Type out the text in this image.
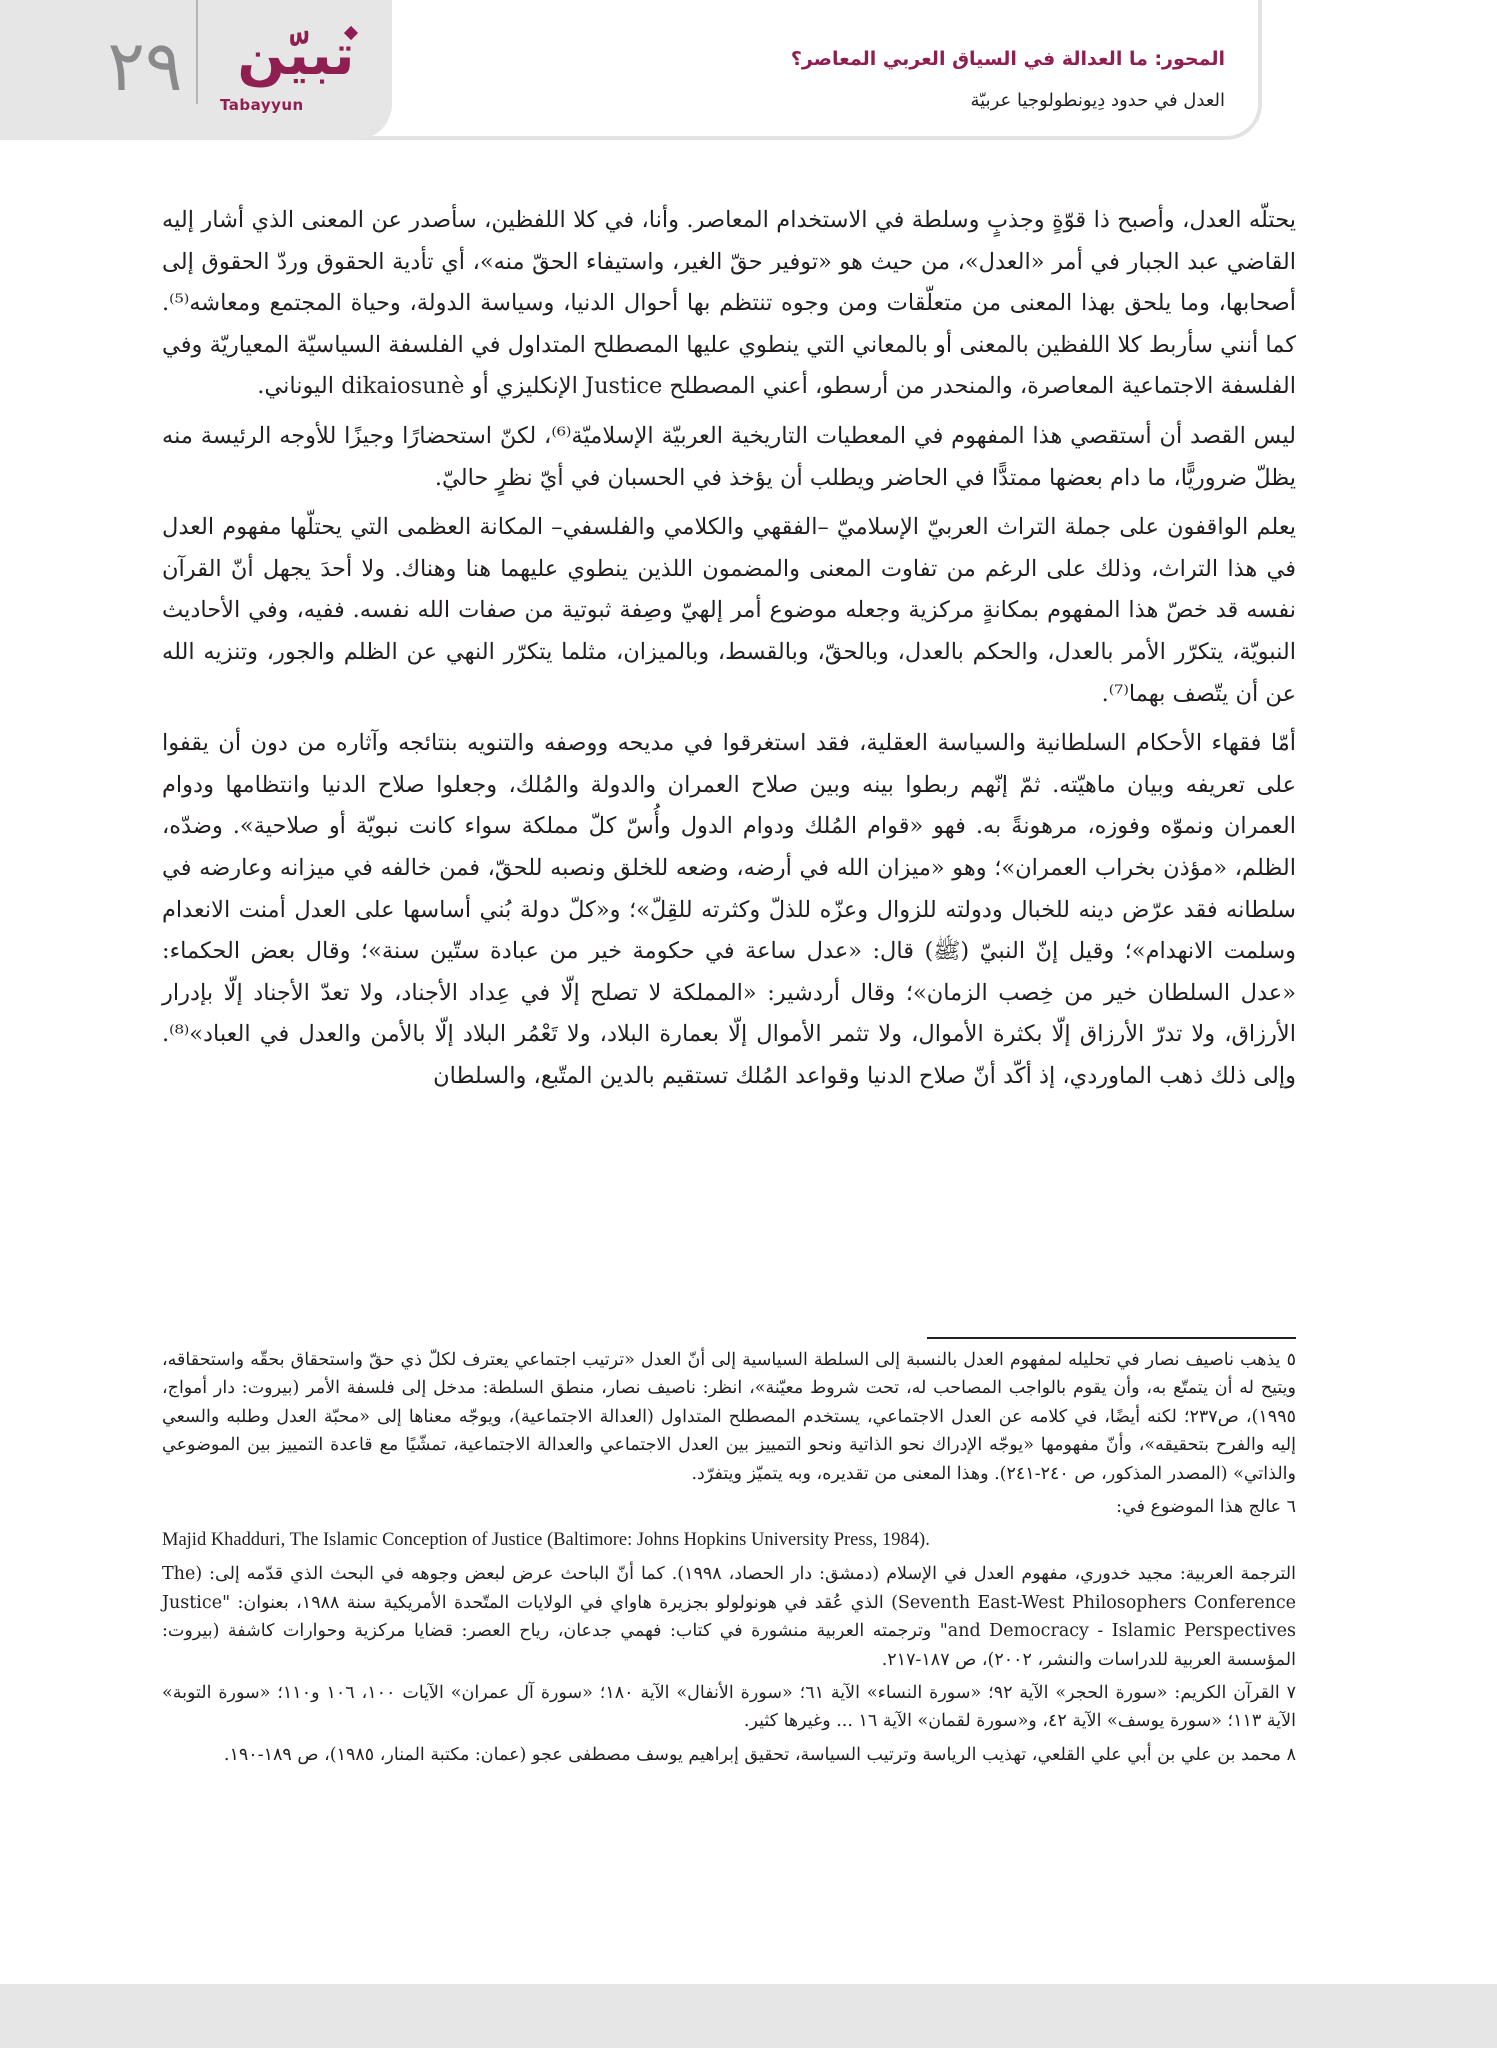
٢٩ تبيّن
Tabayyun
المحور: ما العدالة في السياق العربي المعاصر؟
العدل في حدود دِيونطولوجيا عربيّة

يحتلّه العدل، وأصبح ذا قوّةٍ وجذبٍ وسلطة في الاستخدام المعاصر. وأنا، في كلا اللفظين، سأصدر عن المعنى الذي أشار إليه القاضي عبد الجبار في أمر «العدل»، من حيث هو «توفير حقّ الغير، واستيفاء الحقّ منه»، أي تأدية الحقوق وردّ الحقوق إلى أصحابها، وما يلحق بهذا المعنى من متعلّقات ومن وجوه تنتظم بها أحوال الدنيا، وسياسة الدولة، وحياة المجتمع ومعاشه⁽⁵⁾. كما أنني سأربط كلا اللفظين بالمعنى أو بالمعاني التي ينطوي عليها المصطلح المتداول في الفلسفة السياسيّة المعياريّة وفي الفلسفة الاجتماعية المعاصرة، والمنحدر من أرسطو، أعني المصطلح Justice الإنكليزي أو dikaiosunè اليوناني.

ليس القصد أن أستقصي هذا المفهوم في المعطيات التاريخية العربيّة الإسلاميّة⁽⁶⁾، لكنّ استحضارًا وجيزًا للأوجه الرئيسة منه يظلّ ضروريًّا، ما دام بعضها ممتدًّا في الحاضر ويطلب أن يؤخذ في الحسبان في أيّ نظرٍ حاليّ.

يعلم الواقفون على جملة التراث العربيّ الإسلاميّ –الفقهي والكلامي والفلسفي– المكانة العظمى التي يحتلّها مفهوم العدل في هذا التراث، وذلك على الرغم من تفاوت المعنى والمضمون اللذين ينطوي عليهما هنا وهناك. ولا أحدَ يجهل أنّ القرآن نفسه قد خصّ هذا المفهوم بمكانةٍ مركزية وجعله موضوع أمر إلهيّ وصِفة ثبوتية من صفات الله نفسه. ففيه، وفي الأحاديث النبويّة، يتكرّر الأمر بالعدل، والحكم بالعدل، وبالحقّ، وبالقسط، وبالميزان، مثلما يتكرّر النهي عن الظلم والجور، وتنزيه الله عن أن يتّصف بهما⁽⁷⁾.

أمّا فقهاء الأحكام السلطانية والسياسة العقلية، فقد استغرقوا في مديحه ووصفه والتنويه بنتائجه وآثاره من دون أن يقفوا على تعريفه وبيان ماهيّته. ثمّ إنّهم ربطوا بينه وبين صلاح العمران والدولة والمُلك، وجعلوا صلاح الدنيا وانتظامها ودوام العمران ونموّه وفوزه، مرهونةً به. فهو «قوام المُلك ودوام الدول وأُسّ كلّ مملكة سواء كانت نبويّة أو صلاحية». وضدّه، الظلم، «مؤذن بخراب العمران»؛ وهو «ميزان الله في أرضه، وضعه للخلق ونصبه للحقّ، فمن خالفه في ميزانه وعارضه في سلطانه فقد عرّض دينه للخبال ودولته للزوال وعزّه للذلّ وكثرته للقِلّ»؛ و«كلّ دولة بُني أساسها على العدل أمنت الانعدام وسلمت الانهدام»؛ وقيل إنّ النبيّ (ﷺ) قال: «عدل ساعة في حكومة خير من عبادة ستّين سنة»؛ وقال بعض الحكماء: «عدل السلطان خير من خِصب الزمان»؛ وقال أردشير: «المملكة لا تصلح إلّا في عِداد الأجناد، ولا تعدّ الأجناد إلّا بإدرار الأرزاق، ولا تدرّ الأرزاق إلّا بكثرة الأموال، ولا تثمر الأموال إلّا بعمارة البلاد، ولا تَعْمُر البلاد إلّا بالأمن والعدل في العباد»⁽⁸⁾. وإلى ذلك ذهب الماوردي، إذ أكّد أنّ صلاح الدنيا وقواعد المُلك تستقيم بالدين المتّبع، والسلطان

٥ يذهب ناصيف نصار في تحليله لمفهوم العدل بالنسبة إلى السلطة السياسية إلى أنّ العدل «ترتيب اجتماعي يعترف لكلّ ذي حقّ واستحقاق بحقّه واستحقاقه، ويتيح له أن يتمتّع به، وأن يقوم بالواجب المصاحب له، تحت شروط معيّنة»، انظر: ناصيف نصار، منطق السلطة: مدخل إلى فلسفة الأمر (بيروت: دار أمواج، ١٩٩٥)، ص٢٣٧؛ لكنه أيضًا، في كلامه عن العدل الاجتماعي، يستخدم المصطلح المتداول (العدالة الاجتماعية)، ويوجّه معناها إلى «محبّة العدل وطلبه والسعي إليه والفرح بتحقيقه»، وأنّ مفهومها «يوجّه الإدراك نحو الذاتية ونحو التمييز بين العدل الاجتماعي والعدالة الاجتماعية، تمشّيًا مع قاعدة التمييز بين الموضوعي والذاتي» (المصدر المذكور، ص ٢٤٠-٢٤١). وهذا المعنى من تقديره، وبه يتميّز ويتفرّد.

٦ عالج هذا الموضوع في:

Majid Khadduri, The Islamic Conception of Justice (Baltimore: Johns Hopkins University Press, 1984).

الترجمة العربية: مجيد خدوري، مفهوم العدل في الإسلام (دمشق: دار الحصاد، ١٩٩٨). كما أنّ الباحث عرض لبعض وجوهه في البحث الذي قدّمه إلى: (The Seventh East-West Philosophers Conference) الذي عُقد في هونولولو بجزيرة هاواي في الولايات المتّحدة الأمريكية سنة ١٩٨٨، بعنوان: "Justice and Democracy - Islamic Perspectives" وترجمته العربية منشورة في كتاب: فهمي جدعان، رياح العصر: قضايا مركزية وحوارات كاشفة (بيروت: المؤسسة العربية للدراسات والنشر، ٢٠٠٢)، ص ١٨٧-٢١٧.

٧ القرآن الكريم: «سورة الحجر» الآية ٩٢؛ «سورة النساء» الآية ٦١؛ «سورة الأنفال» الآية ١٨٠؛ «سورة آل عمران» الآيات ١٠٠، ١٠٦ و١١٠؛ «سورة التوبة» الآية ١١٣؛ «سورة يوسف» الآية ٤٢، و«سورة لقمان» الآية ١٦ ... وغيرها كثير.

٨ محمد بن علي بن أبي علي القلعي، تهذيب الرياسة وترتيب السياسة، تحقيق إبراهيم يوسف مصطفى عجو (عمان: مكتبة المنار، ١٩٨٥)، ص ١٨٩-١٩٠.
